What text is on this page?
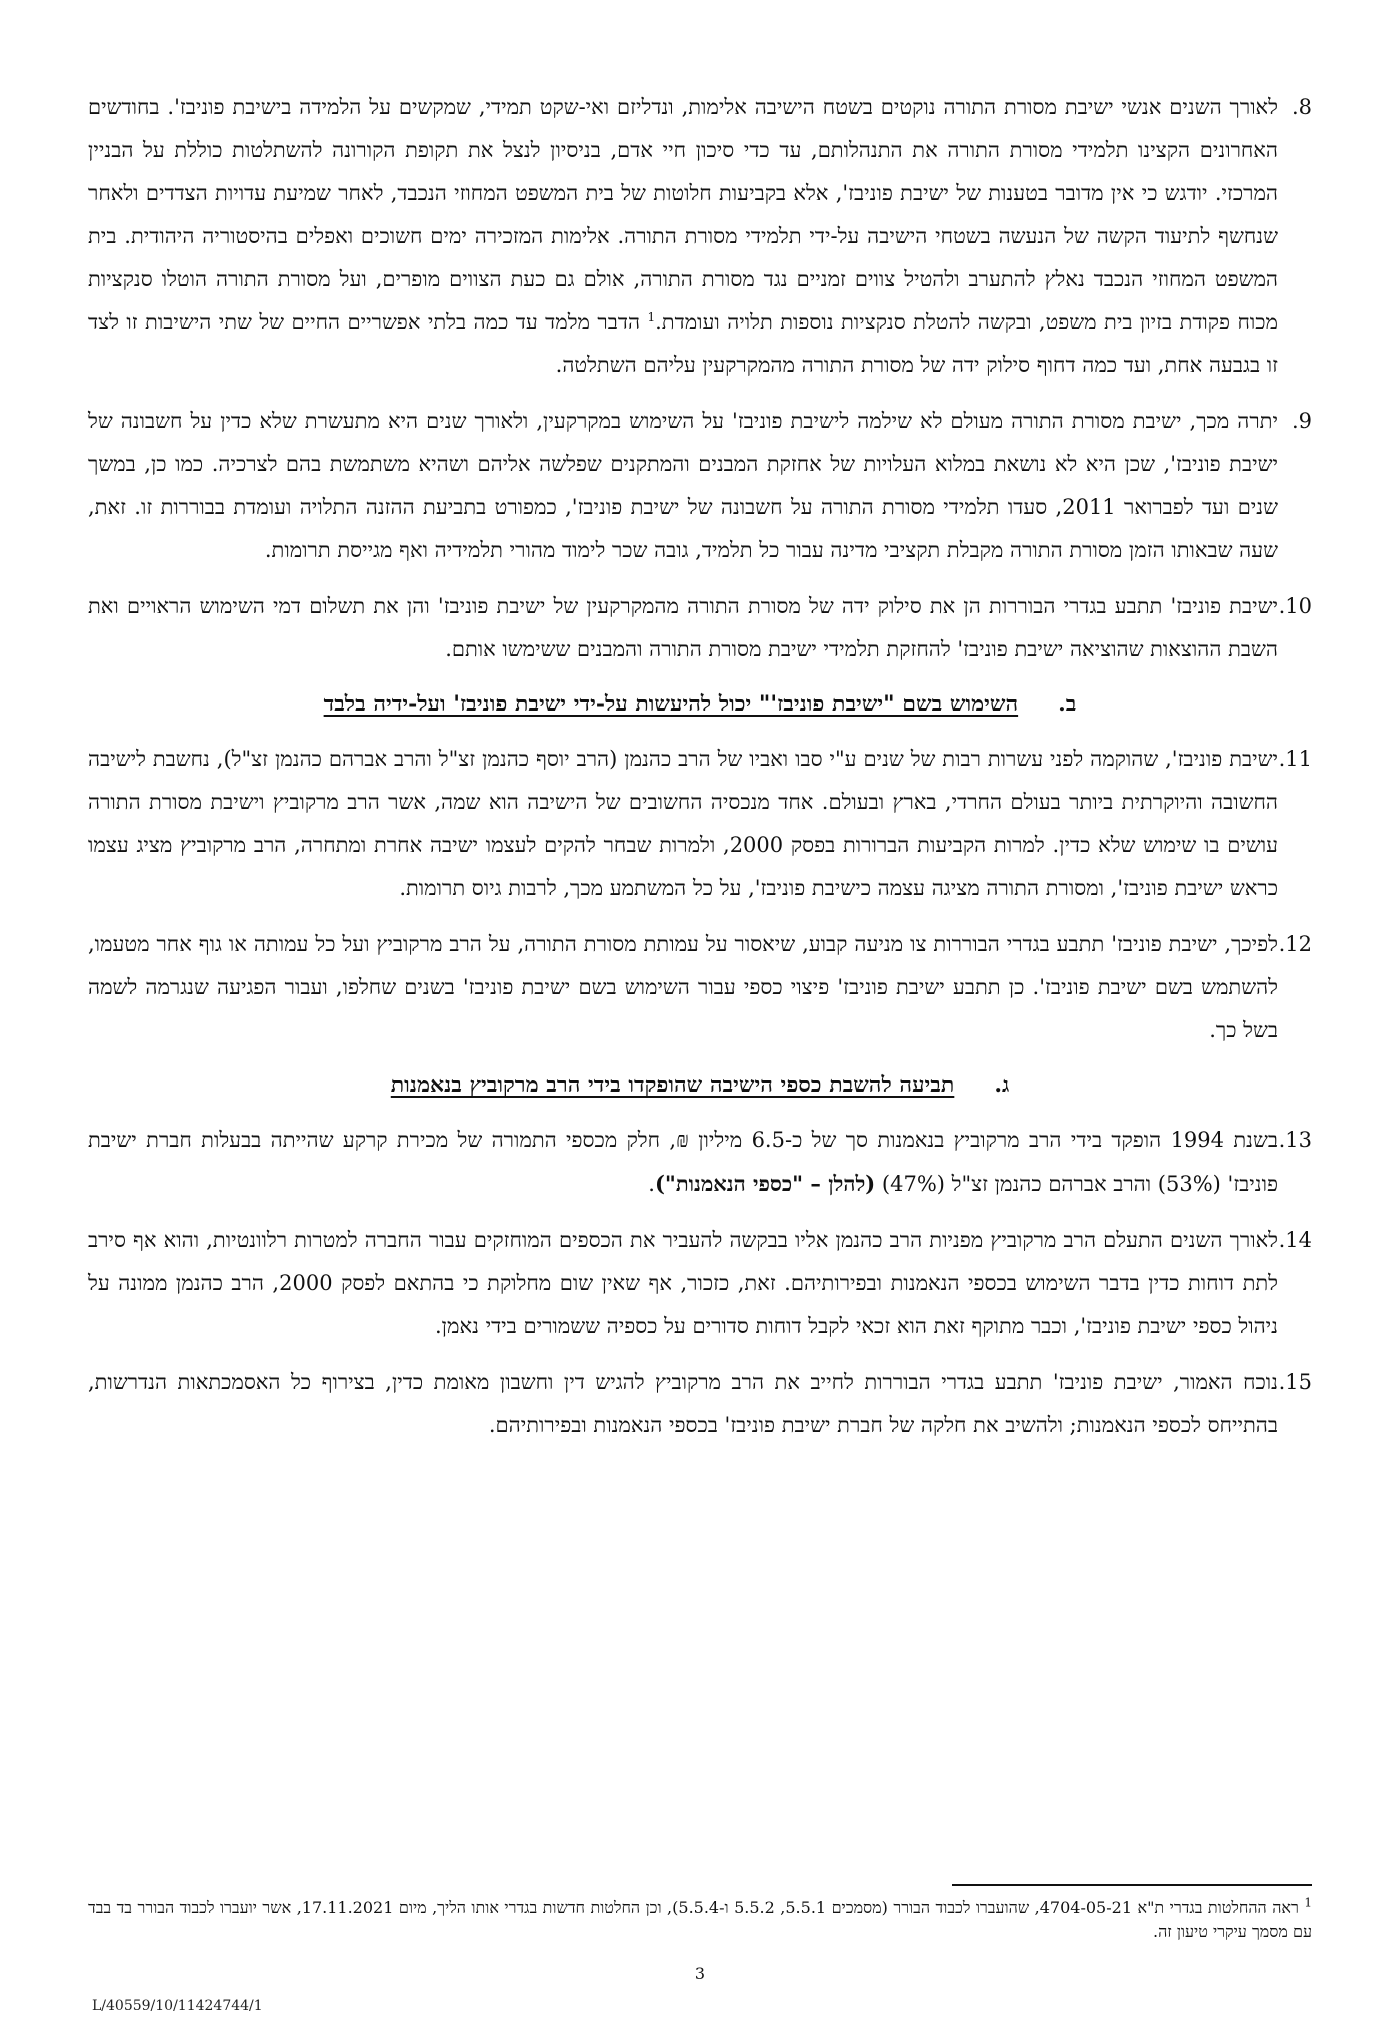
8.
לאורך השנים אנשי ישיבת מסורת התורה נוקטים בשטח הישיבה אלימות, ונדליזם ואי-שקט תמידי, שמקשים על הלמידה בישיבת פוניבז'. בחודשים האחרונים הקצינו תלמידי מסורת התורה את התנהלותם, עד כדי סיכון חיי אדם, בניסיון לנצל את תקופת הקורונה להשתלטות כוללת על הבניין המרכזי. יודגש כי אין מדובר בטענות של ישיבת פוניבז', אלא בקביעות חלוטות של בית המשפט המחוזי הנכבד, לאחר שמיעת עדויות הצדדים ולאחר שנחשף לתיעוד הקשה של הנעשה בשטחי הישיבה על-ידי תלמידי מסורת התורה. אלימות המזכירה ימים חשוכים ואפלים בהיסטוריה היהודית. בית המשפט המחוזי הנכבד נאלץ להתערב ולהטיל צווים זמניים נגד מסורת התורה, אולם גם כעת הצווים מופרים, ועל מסורת התורה הוטלו סנקציות מכוח פקודת בזיון בית משפט, ובקשה להטלת סנקציות נוספות תלויה ועומדת.$^1$ הדבר מלמד עד כמה בלתי אפשריים החיים של שתי הישיבות זו לצד זו בגבעה אחת, ועד כמה דחוף סילוק ידה של מסורת התורה מהמקרקעין עליהם השתלטה.
9.
יתרה מכך, ישיבת מסורת התורה מעולם לא שילמה לישיבת פוניבז' על השימוש במקרקעין, ולאורך שנים היא מתעשרת שלא כדין על חשבונה של ישיבת פוניבז', שכן היא לא נושאת במלוא העלויות של אחזקת המבנים והמתקנים שפלשה אליהם ושהיא משתמשת בהם לצרכיה. כמו כן, במשך שנים ועד לפברואר 2011, סעדו תלמידי מסורת התורה על חשבונה של ישיבת פוניבז', כמפורט בתביעת ההזנה התלויה ועומדת בבוררות זו. זאת, שעה שבאותו הזמן מסורת התורה מקבלת תקציבי מדינה עבור כל תלמיד, גובה שכר לימוד מהורי תלמידיה ואף מגייסת תרומות.
10.
ישיבת פוניבז' תתבע בגדרי הבוררות הן את סילוק ידה של מסורת התורה מהמקרקעין של ישיבת פוניבז' והן את תשלום דמי השימוש הראויים ואת השבת ההוצאות שהוציאה ישיבת פוניבז' להחזקת תלמידי ישיבת מסורת התורה והמבנים ששימשו אותם.
ב.
השימוש בשם "ישיבת פוניבז'" יכול להיעשות על-ידי ישיבת פוניבז' ועל-ידיה בלבד
11.
ישיבת פוניבז', שהוקמה לפני עשרות רבות של שנים ע"י סבו ואביו של הרב כהנמן (הרב יוסף כהנמן זצ"ל והרב אברהם כהנמן זצ"ל), נחשבת לישיבה החשובה והיוקרתית ביותר בעולם החרדי, בארץ ובעולם. אחד מנכסיה החשובים של הישיבה הוא שמה, אשר הרב מרקוביץ וישיבת מסורת התורה עושים בו שימוש שלא כדין. למרות הקביעות הברורות בפסק 2000, ולמרות שבחר להקים לעצמו ישיבה אחרת ומתחרה, הרב מרקוביץ מציג עצמו כראש ישיבת פוניבז', ומסורת התורה מציגה עצמה כישיבת פוניבז', על כל המשתמע מכך, לרבות גיוס תרומות.
12.
לפיכך, ישיבת פוניבז' תתבע בגדרי הבוררות צו מניעה קבוע, שיאסור על עמותת מסורת התורה, על הרב מרקוביץ ועל כל עמותה או גוף אחר מטעמו, להשתמש בשם ישיבת פוניבז'. כן תתבע ישיבת פוניבז' פיצוי כספי עבור השימוש בשם ישיבת פוניבז' בשנים שחלפו, ועבור הפגיעה שנגרמה לשמה בשל כך.
ג.
תביעה להשבת כספי הישיבה שהופקדו בידי הרב מרקוביץ בנאמנות
13.
בשנת 1994 הופקד בידי הרב מרקוביץ בנאמנות סך של כ-6.5 מיליון ₪, חלק מכספי התמורה של מכירת קרקע שהייתה בבעלות חברת ישיבת פוניבז' (53%) והרב אברהם כהנמן זצ"ל (47%) (להלן – "כספי הנאמנות").
14.
לאורך השנים התעלם הרב מרקוביץ מפניות הרב כהנמן אליו בבקשה להעביר את הכספים המוחזקים עבור החברה למטרות רלוונטיות, והוא אף סירב לתת דוחות כדין בדבר השימוש בכספי הנאמנות ובפירותיהם. זאת, כזכור, אף שאין שום מחלוקת כי בהתאם לפסק 2000, הרב כהנמן ממונה על ניהול כספי ישיבת פוניבז', וכבר מתוקף זאת הוא זכאי לקבל דוחות סדורים על כספיה ששמורים בידי נאמן.
15.
נוכח האמור, ישיבת פוניבז' תתבע בגדרי הבוררות לחייב את הרב מרקוביץ להגיש דין וחשבון מאומת כדין, בצירוף כל האסמכתאות הנדרשות, בהתייחס לכספי הנאמנות; ולהשיב את חלקה של חברת ישיבת פוניבז' בכספי הנאמנות ובפירותיהם.
$^1$ ראה ההחלטות בגדרי ת"א 4704-05-21, שהועברו לכבוד הבורר (מסמכים 5.5.1, 5.5.2 ו-5.5.4), וכן החלטות חדשות בגדרי אותו הליך, מיום 17.11.2021, אשר יועברו לכבוד הבורר בד בבד עם מסמך עיקרי טיעון זה.
3
L/40559/10/11424744/1
